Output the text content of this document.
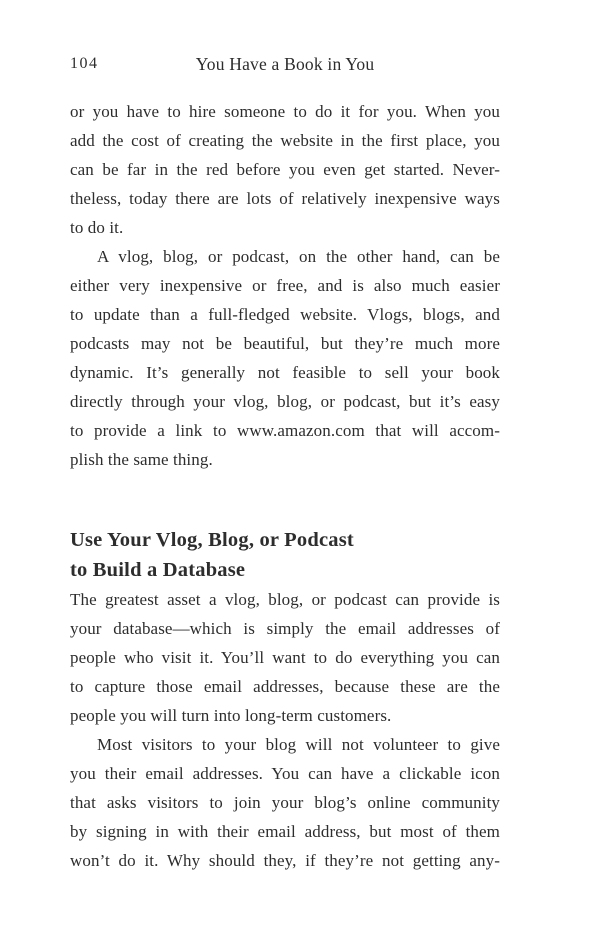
104	You Have a Book in You
or you have to hire someone to do it for you. When you
add the cost of creating the website in the first place, you
can be far in the red before you even get started. Never-
theless, today there are lots of relatively inexpensive ways
to do it.
A vlog, blog, or podcast, on the other hand, can be
either very inexpensive or free, and is also much easier
to update than a full-fledged website. Vlogs, blogs, and
podcasts may not be beautiful, but they’re much more
dynamic. It’s generally not feasible to sell your book
directly through your vlog, blog, or podcast, but it’s easy
to provide a link to www.amazon.com that will accom-
plish the same thing.
Use Your Vlog, Blog, or Podcast
to Build a Database
The greatest asset a vlog, blog, or podcast can provide is
your database—which is simply the email addresses of
people who visit it. You’ll want to do everything you can
to capture those email addresses, because these are the
people you will turn into long-term customers.
Most visitors to your blog will not volunteer to give
you their email addresses. You can have a clickable icon
that asks visitors to join your blog’s online community
by signing in with their email address, but most of them
won’t do it. Why should they, if they’re not getting any-
